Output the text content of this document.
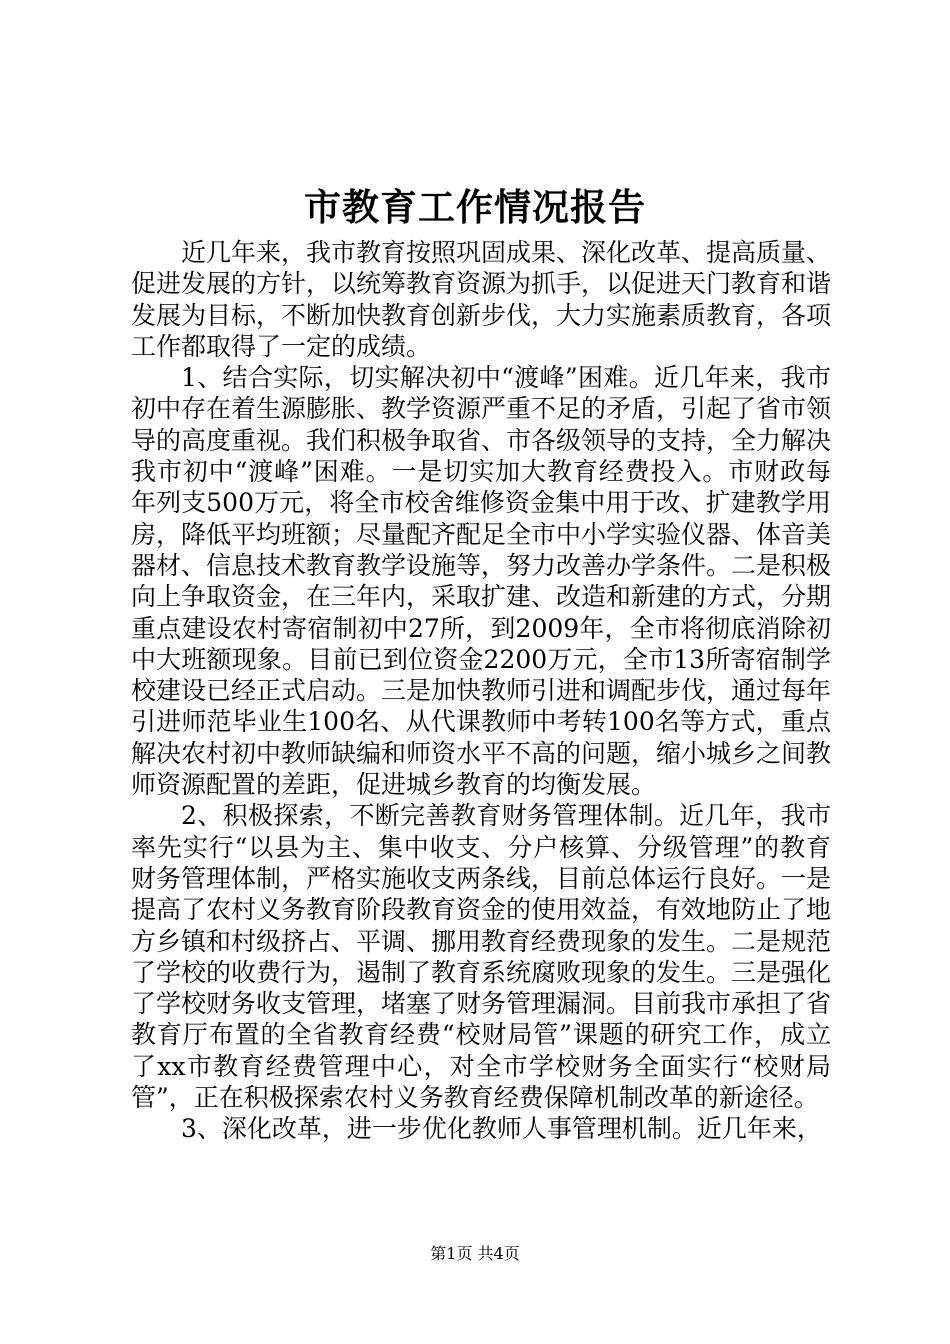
市教育工作情况报告

近几年来，我市教育按照巩固成果、深化改革、提高质量、促进发展的方针，以统筹教育资源为抓手，以促进天门教育和谐发展为目标，不断加快教育创新步伐，大力实施素质教育，各项工作都取得了一定的成绩。

1、结合实际，切实解决初中“渡峰”困难。近几年来，我市初中存在着生源膨胀、教学资源严重不足的矛盾，引起了省市领导的高度重视。我们积极争取省、市各级领导的支持，全力解决我市初中“渡峰”困难。一是切实加大教育经费投入。市财政每年列支500万元，将全市校舍维修资金集中用于改、扩建教学用房，降低平均班额；尽量配齐配足全市中小学实验仪器、体音美器材、信息技术教育教学设施等，努力改善办学条件。二是积极向上争取资金，在三年内，采取扩建、改造和新建的方式，分期重点建设农村寄宿制初中27所，到2009年，全市将彻底消除初中大班额现象。目前已到位资金2200万元，全市13所寄宿制学校建设已经正式启动。三是加快教师引进和调配步伐，通过每年引进师范毕业生100名、从代课教师中考转100名等方式，重点解决农村初中教师缺编和师资水平不高的问题，缩小城乡之间教师资源配置的差距，促进城乡教育的均衡发展。

2、积极探索，不断完善教育财务管理体制。近几年，我市率先实行“以县为主、集中收支、分户核算、分级管理”的教育财务管理体制，严格实施收支两条线，目前总体运行良好。一是提高了农村义务教育阶段教育资金的使用效益，有效地防止了地方乡镇和村级挤占、平调、挪用教育经费现象的发生。二是规范了学校的收费行为，遏制了教育系统腐败现象的发生。三是强化了学校财务收支管理，堵塞了财务管理漏洞。目前我市承担了省教育厅布置的全省教育经费“校财局管”课题的研究工作，成立了xx市教育经费管理中心，对全市学校财务全面实行“校财局管”，正在积极探索农村义务教育经费保障机制改革的新途径。

3、深化改革，进一步优化教师人事管理机制。近几年来，

第1页 共4页
